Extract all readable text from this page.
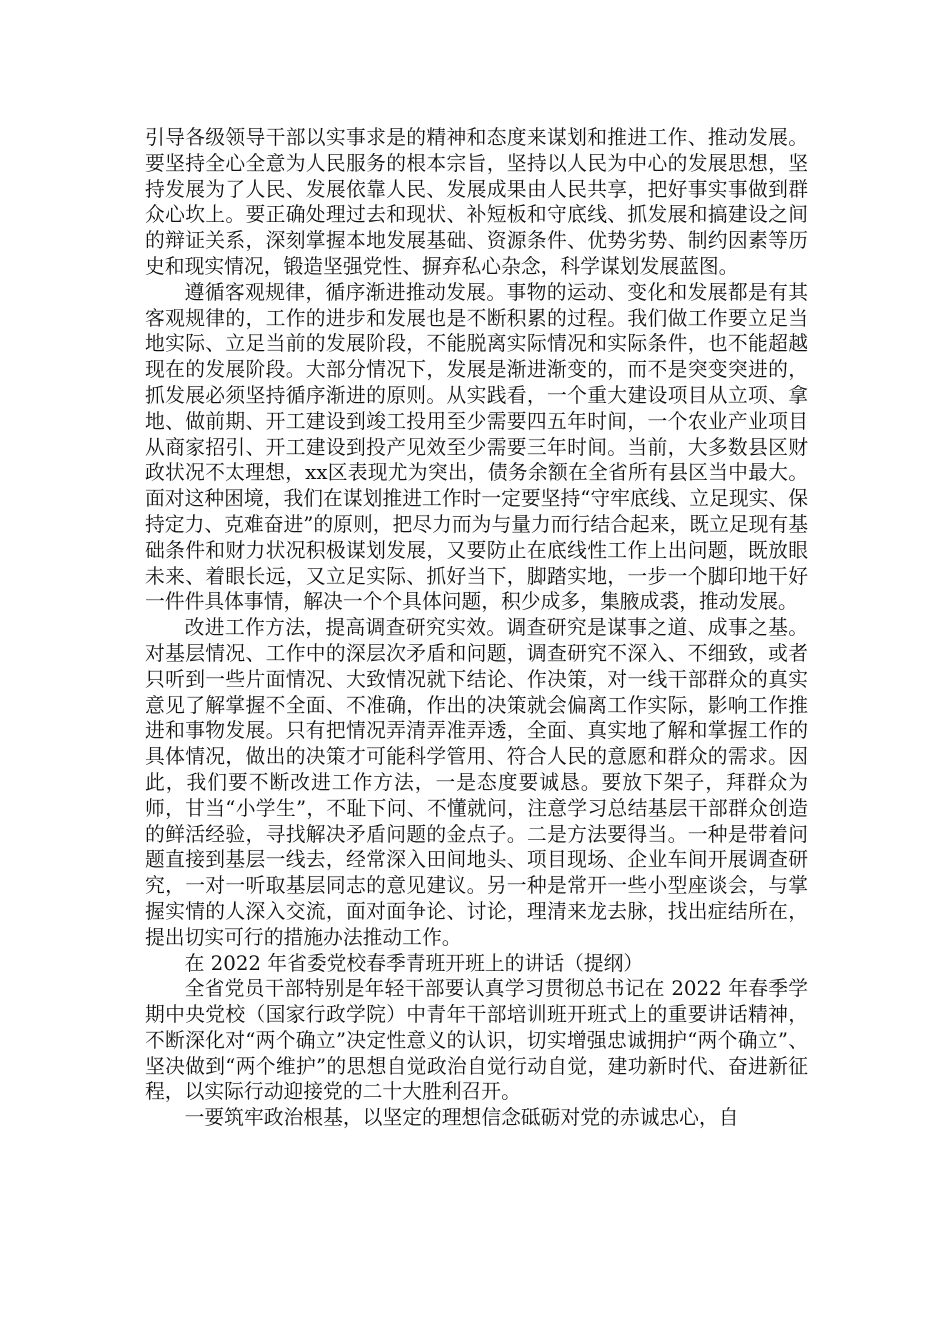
引导各级领导干部以实事求是的精神和态度来谋划和推进工作、推动发展。要坚持全心全意为人民服务的根本宗旨，坚持以人民为中心的发展思想，坚持发展为了人民、发展依靠人民、发展成果由人民共享，把好事实事做到群众心坎上。要正确处理过去和现状、补短板和守底线、抓发展和搞建设之间的辩证关系，深刻掌握本地发展基础、资源条件、优势劣势、制约因素等历史和现实情况，锻造坚强党性、摒弃私心杂念，科学谋划发展蓝图。

遵循客观规律，循序渐进推动发展。事物的运动、变化和发展都是有其客观规律的，工作的进步和发展也是不断积累的过程。我们做工作要立足当地实际、立足当前的发展阶段，不能脱离实际情况和实际条件，也不能超越现在的发展阶段。大部分情况下，发展是渐进渐变的，而不是突变突进的，抓发展必须坚持循序渐进的原则。从实践看，一个重大建设项目从立项、拿地、做前期、开工建设到竣工投用至少需要四五年时间，一个农业产业项目从商家招引、开工建设到投产见效至少需要三年时间。当前，大多数县区财政状况不太理想，xx区表现尤为突出，债务余额在全省所有县区当中最大。面对这种困境，我们在谋划推进工作时一定要坚持“守牢底线、立足现实、保持定力、克难奋进”的原则，把尽力而为与量力而行结合起来，既立足现有基础条件和财力状况积极谋划发展，又要防止在底线性工作上出问题，既放眼未来、着眼长远，又立足实际、抓好当下，脚踏实地，一步一个脚印地干好一件件具体事情，解决一个个具体问题，积少成多，集腋成裘，推动发展。

改进工作方法，提高调查研究实效。调查研究是谋事之道、成事之基。对基层情况、工作中的深层次矛盾和问题，调查研究不深入、不细致，或者只听到一些片面情况、大致情况就下结论、作决策，对一线干部群众的真实意见了解掌握不全面、不准确，作出的决策就会偏离工作实际，影响工作推进和事物发展。只有把情况弄清弄准弄透，全面、真实地了解和掌握工作的具体情况，做出的决策才可能科学管用、符合人民的意愿和群众的需求。因此，我们要不断改进工作方法，一是态度要诚恳。要放下架子，拜群众为师，甘当“小学生”，不耻下问、不懂就问，注意学习总结基层干部群众创造的鲜活经验，寻找解决矛盾问题的金点子。二是方法要得当。一种是带着问题直接到基层一线去，经常深入田间地头、项目现场、企业车间开展调查研究，一对一听取基层同志的意见建议。另一种是常开一些小型座谈会，与掌握实情的人深入交流，面对面争论、讨论，理清来龙去脉，找出症结所在，提出切实可行的措施办法推动工作。

在 2022 年省委党校春季青班开班上的讲话（提纲）

全省党员干部特别是年轻干部要认真学习贯彻总书记在 2022 年春季学期中央党校（国家行政学院）中青年干部培训班开班式上的重要讲话精神，不断深化对“两个确立”决定性意义的认识，切实增强忠诚拥护“两个确立”、坚决做到“两个维护”的思想自觉政治自觉行动自觉，建功新时代、奋进新征程，以实际行动迎接党的二十大胜利召开。

一要筑牢政治根基，以坚定的理想信念砥砺对党的赤诚忠心，自
